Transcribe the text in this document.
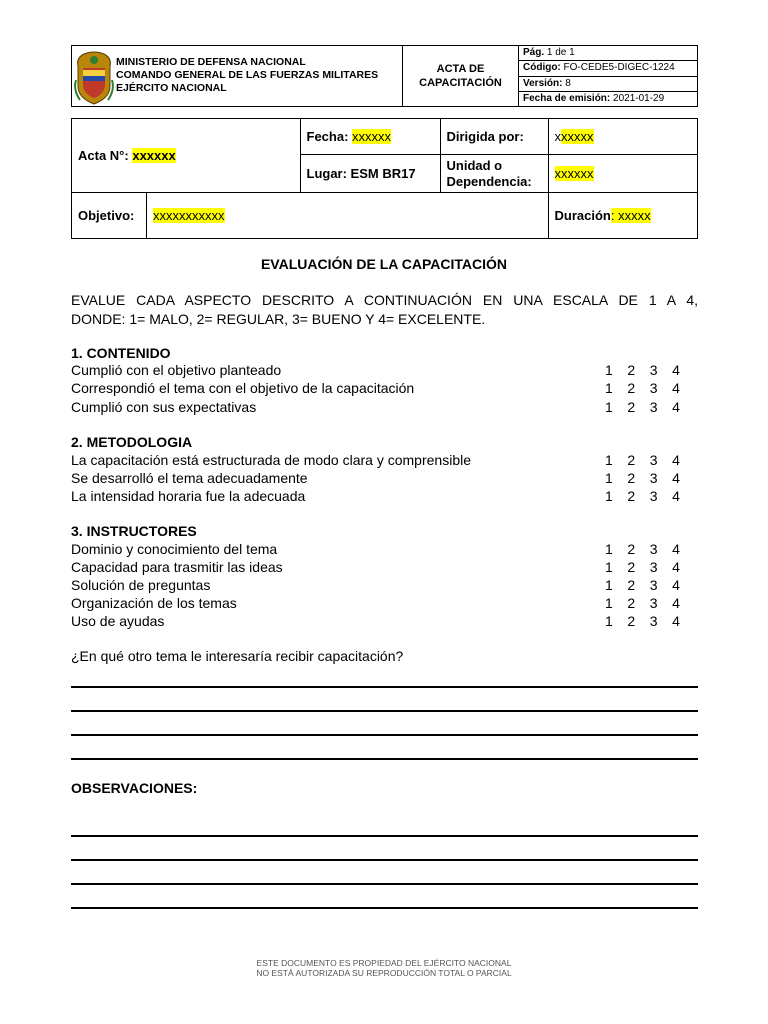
MINISTERIO DE DEFENSA NACIONAL
COMANDO GENERAL DE LAS FUERZAS MILITARES
EJÉRCITO NACIONAL

ACTA DE
CAPACITACIÓN
	Pág. 1 de 1
Código: FO-CEDE5-DIGEC-1224
Versión: 8
Fecha de emisión: 2021-01-29
Acta N°: xxxxxx		Fecha: xxxxxx	Dirigida por:	xxxxxx
		Lugar: ESM BR17	Unidad o
Dependencia:	xxxxxx
Objetivo:	xxxxxxxxxxx			Duración: xxxxx
EVALUACIÓN DE LA CAPACITACIÓN
EVALUE CADA ASPECTO DESCRITO A CONTINUACIÓN EN UNA ESCALA DE 1 A 4,
DONDE: 1= MALO, 2= REGULAR, 3= BUENO Y 4= EXCELENTE.
1. CONTENIDO
Cumplió con el objetivo planteado	1 2 3 4
Correspondió el tema con el objetivo de la capacitación	1 2 3 4
Cumplió con sus expectativas	1 2 3 4
2. METODOLOGIA
La capacitación está estructurada de modo clara y comprensible	1 2 3 4
Se desarrolló el tema adecuadamente	1 2 3 4
La intensidad horaria fue la adecuada	1 2 3 4
3. INSTRUCTORES
Dominio y conocimiento del tema	1 2 3 4
Capacidad para trasmitir las ideas	1 2 3 4
Solución de preguntas	1 2 3 4
Organización de los temas	1 2 3 4
Uso de ayudas	1 2 3 4
¿En qué otro tema le interesaría recibir capacitación?
OBSERVACIONES:
ESTE DOCUMENTO ES PROPIEDAD DEL EJÉRCITO NACIONAL
NO ESTÁ AUTORIZADA SU REPRODUCCIÓN TOTAL O PARCIAL
